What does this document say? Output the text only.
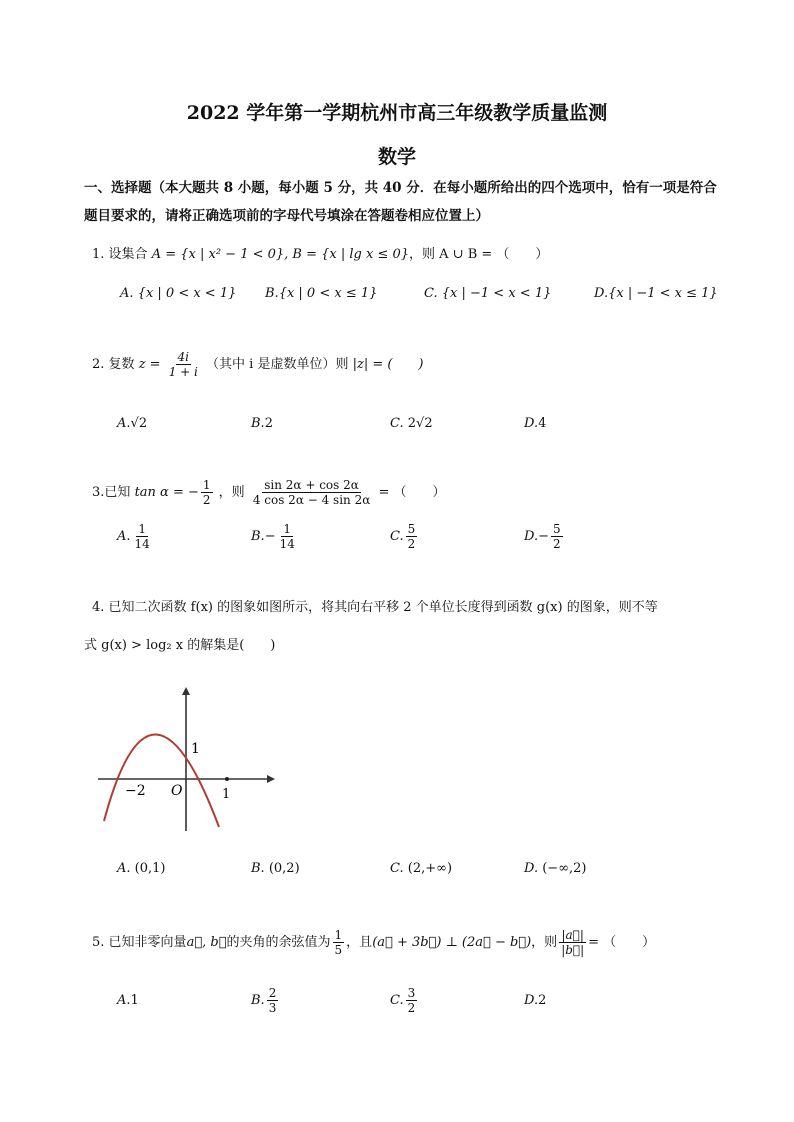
2022 学年第一学期杭州市高三年级教学质量监测
数学
一、选择题（本大题共 8 小题，每小题 5 分，共 40 分．在每小题所给出的四个选项中，恰有一项是符合题目要求的，请将正确选项前的字母代号填涂在答题卷相应位置上）
1. 设集合 A = {x | x² − 1 < 0}, B = {x | lg x ≤ 0}，则 A ∪ B = （　　）
A. {x | 0 < x < 1} B.{x | 0 < x ≤ 1}	C. {x | −1 < x < 1}	D.{x | −1 < x ≤ 1}
2. 复数 $z = \frac{4i}{1 + i}$ （其中 i 是虚数单位）则 |z| = (　　)
A.√2	B.2	C. 2√2	D.4
3.已知 tan α = − $\frac{1}{2}$ ，则 $\frac{\sin 2\alpha + \cos 2\alpha}{4 \cos 2\alpha - 4 \sin 2\alpha}$ = （　　）
A. $\frac{1}{14}$	$B.- \frac{1}{14}$	C. $\frac{5}{2}$	$D.- \frac{5}{2}$
4. 已知二次函数 f(x) 的图象如图所示，将其向右平移 2 个单位长度得到函数 g(x) 的图象，则不等
式 g(x) > log₂ x 的解集是(　　)
−2 O	1
1
A. (0,1)	B. (0,2)	C. (2,+∞)	D. (−∞,2)
5. 已知非零向量a⃗, b⃗的夹角的余弦值为 $\frac{1}{5}$ ，且(a⃗ + 3b⃗) ⊥ (2a⃗ − b⃗)，则 $\frac{|a⃗|}{|b⃗|}$ = （　　）
A.1	B. $\frac{2}{3}$	C. $\frac{3}{2}$	D.2
